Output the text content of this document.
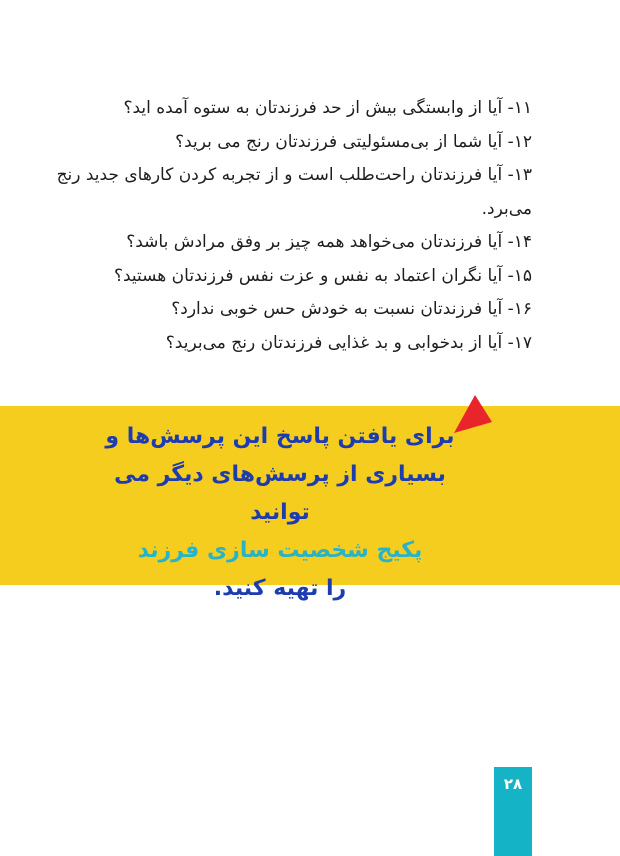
۱۱- آیا از وابستگی بیش از حد فرزندتان به ستوه آمده اید؟
۱۲- آیا شما از بی‌مسئولیتی فرزندتان رنج می برید؟
۱۳- آیا فرزندتان راحت‌طلب است و از تجربه کردن کارهای جدید رنج می‌برد.
۱۴- آیا فرزندتان می‌خواهد همه چیز بر وفق مرادش باشد؟
۱۵- آیا نگران اعتماد به نفس و عزت نفس فرزندتان هستید؟
۱۶- آیا فرزندتان نسبت به خودش حس خوبی ندارد؟
۱۷- آیا از بدخوابی و بد غذایی فرزندتان رنج می‌برید؟
برای یافتن پاسخ این پرسش‌ها و
بسیاری از پرسش‌های دیگر می توانید
پکیج شخصیت سازی فرزند
را تهیه کنید.
۲۸
